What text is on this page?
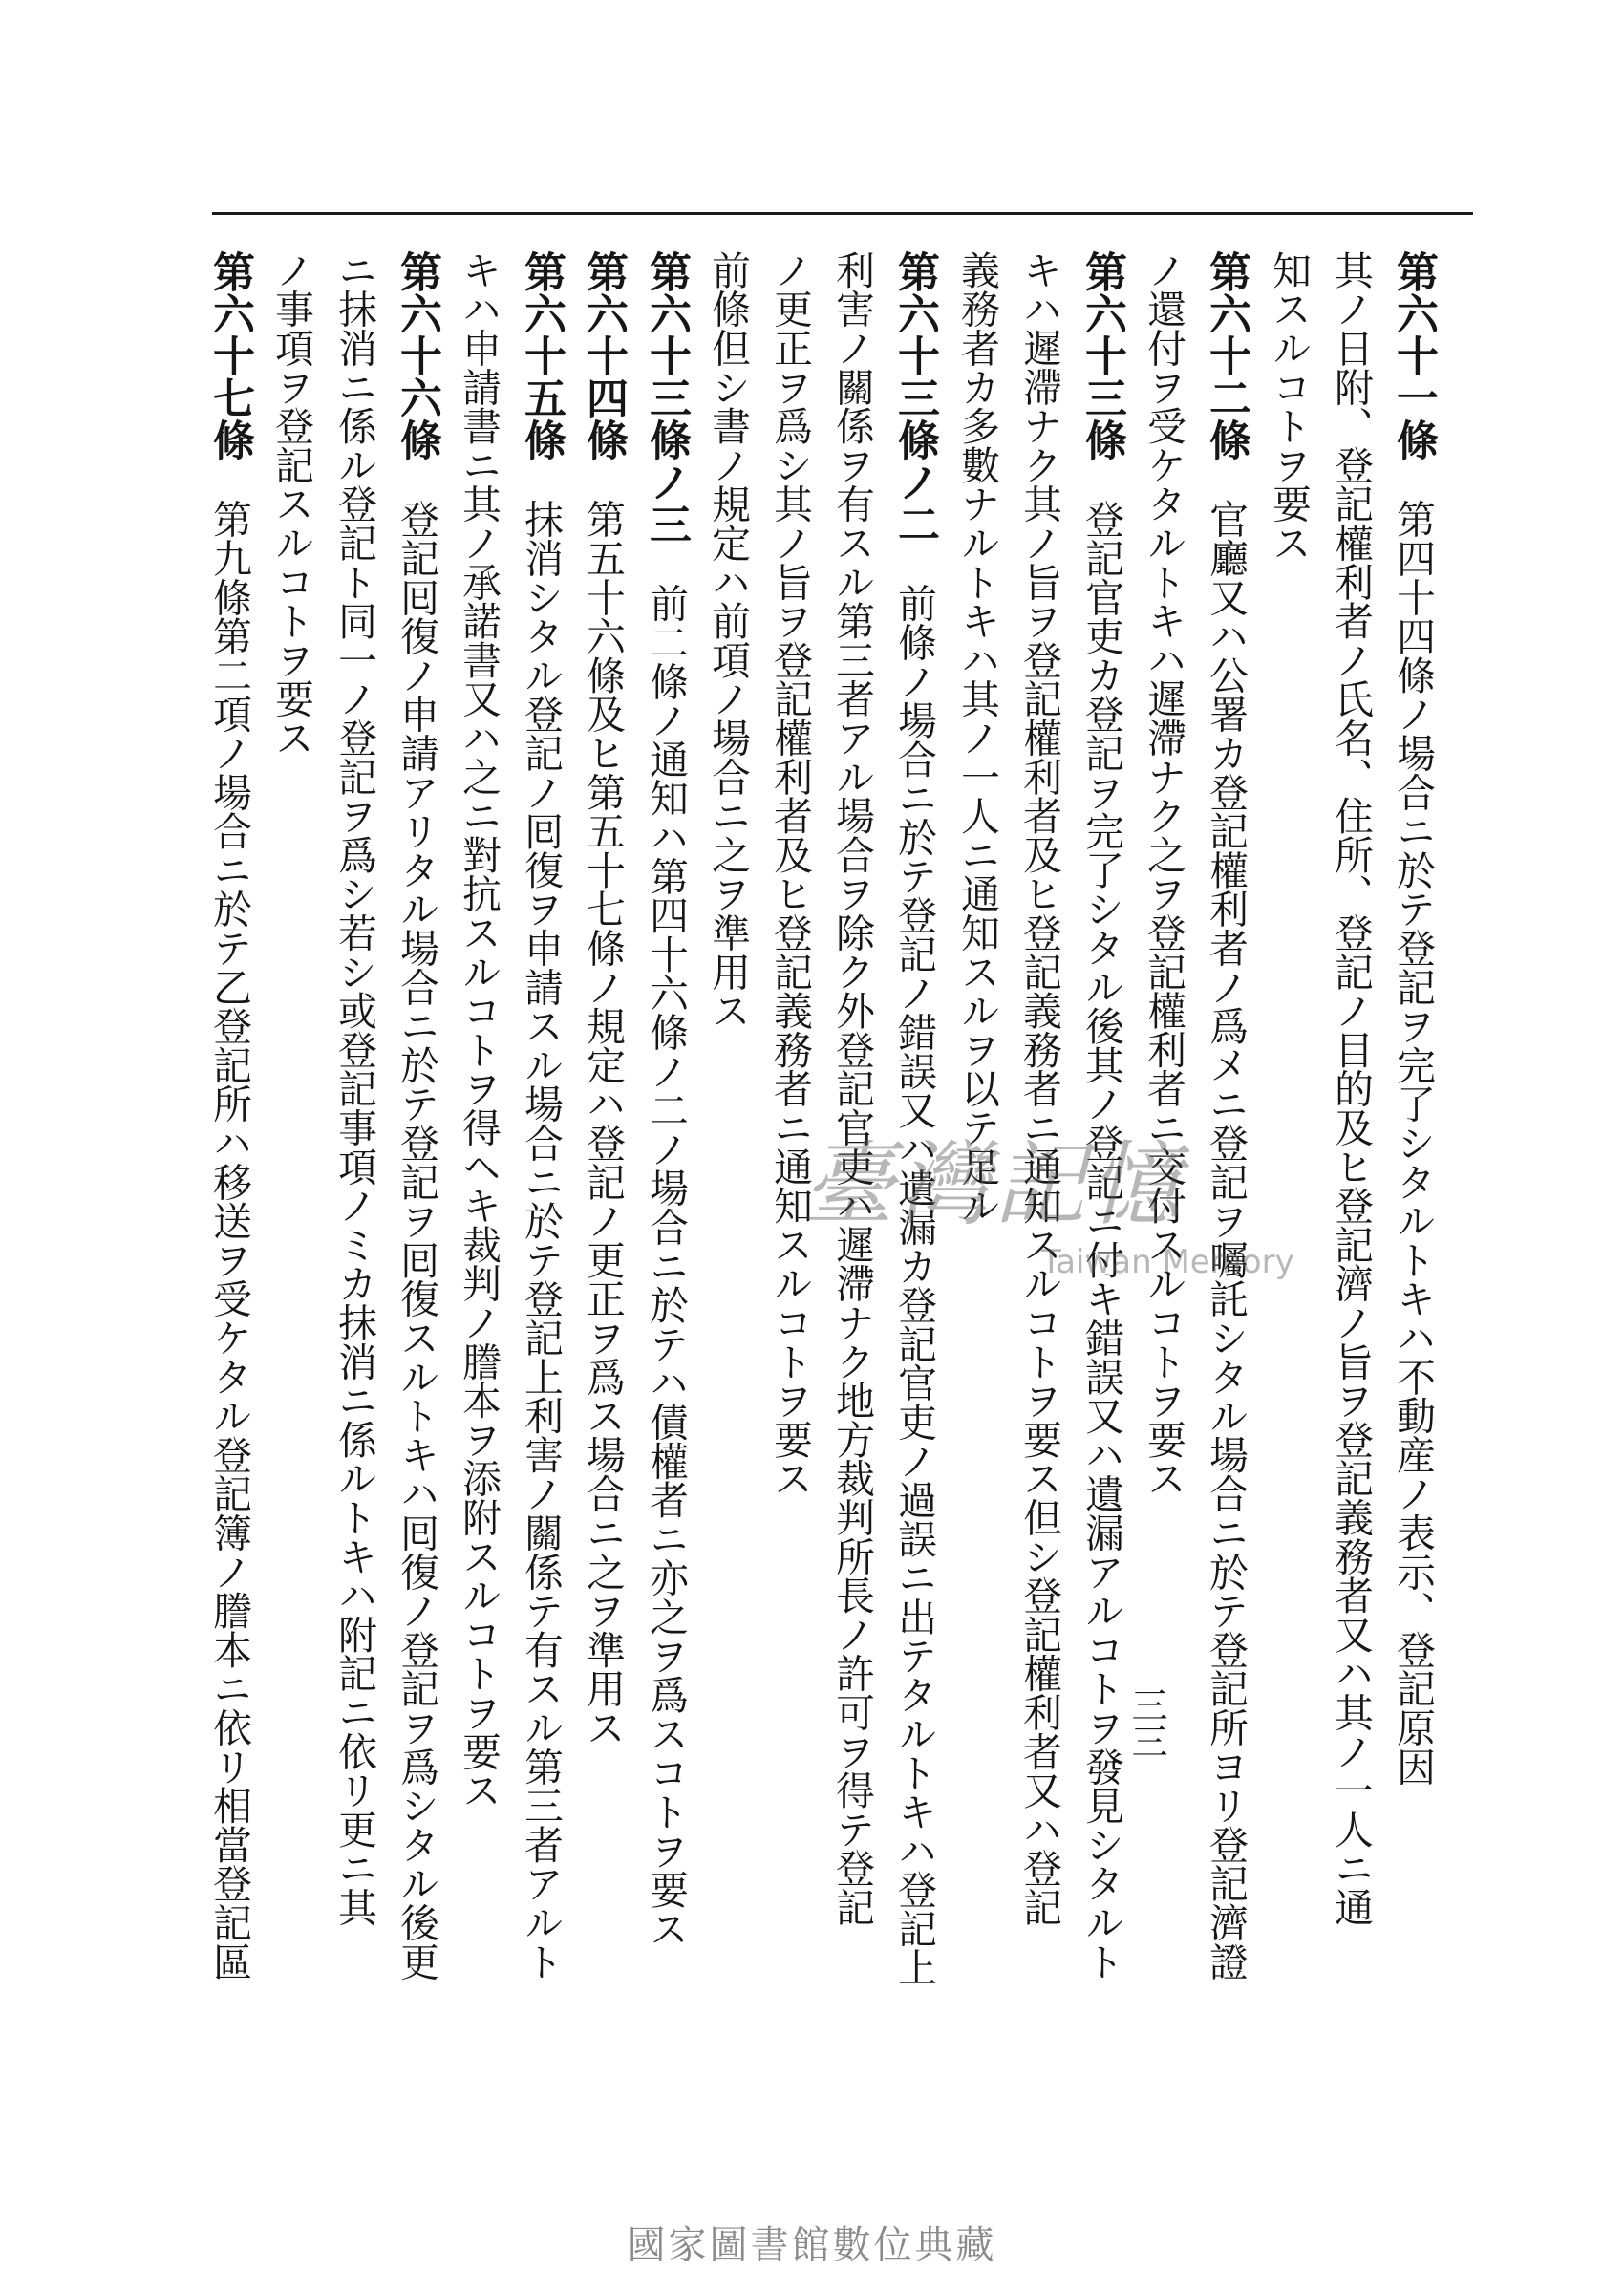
第六十一條　第四十四條ノ場合ニ於テ登記ヲ完了シタルトキハ不動産ノ表示、登記原因
其ノ日附、登記權利者ノ氏名、住所、登記ノ目的及ヒ登記濟ノ旨ヲ登記義務者又ハ其ノ一人ニ通
知スルコトヲ要ス
第六十二條　官廳又ハ公署カ登記權利者ノ爲メニ登記ヲ囑託シタル場合ニ於テ登記所ヨリ登記濟證
ノ還付ヲ受ケタルトキハ遲滯ナク之ヲ登記權利者ニ交付スルコトヲ要ス
第六十三條　登記官吏カ登記ヲ完了シタル後其ノ登記ニ付キ錯誤又ハ遺漏アルコトヲ發見シタルト
キハ遲滯ナク其ノ旨ヲ登記權利者及ヒ登記義務者ニ通知スルコトヲ要ス但シ登記權利者又ハ登記
義務者カ多數ナルトキハ其ノ一人ニ通知スルヲ以テ足ル
第六十三條ノ二　前條ノ場合ニ於テ登記ノ錯誤又ハ遺漏カ登記官吏ノ過誤ニ出テタルトキハ登記上
利害ノ關係ヲ有スル第三者アル場合ヲ除ク外登記官吏ハ遲滯ナク地方裁判所長ノ許可ヲ得テ登記
ノ更正ヲ爲シ其ノ旨ヲ登記權利者及ヒ登記義務者ニ通知スルコトヲ要ス
前條但シ書ノ規定ハ前項ノ場合ニ之ヲ準用ス
第六十三條ノ三　前二條ノ通知ハ第四十六條ノ二ノ場合ニ於テハ債權者ニ亦之ヲ爲スコトヲ要ス
第六十四條　第五十六條及ヒ第五十七條ノ規定ハ登記ノ更正ヲ爲ス場合ニ之ヲ準用ス
第六十五條　抹消シタル登記ノ囘復ヲ申請スル場合ニ於テ登記上利害ノ關係テ有スル第三者アルト
キハ申請書ニ其ノ承諾書又ハ之ニ對抗スルコトヲ得ヘキ裁判ノ謄本ヲ添附スルコトヲ要ス
第六十六條　登記囘復ノ申請アリタル場合ニ於テ登記ヲ囘復スルトキハ囘復ノ登記ヲ爲シタル後更
ニ抹消ニ係ル登記ト同一ノ登記ヲ爲シ若シ或登記事項ノミカ抹消ニ係ルトキハ附記ニ依リ更ニ其
ノ事項ヲ登記スルコトヲ要ス
第六十七條　第九條第二項ノ場合ニ於テ乙登記所ハ移送ヲ受ケタル登記簿ノ謄本ニ依リ相當登記區	三三
臺灣記憶
Taiwan Memory
國家圖書館數位典藏
